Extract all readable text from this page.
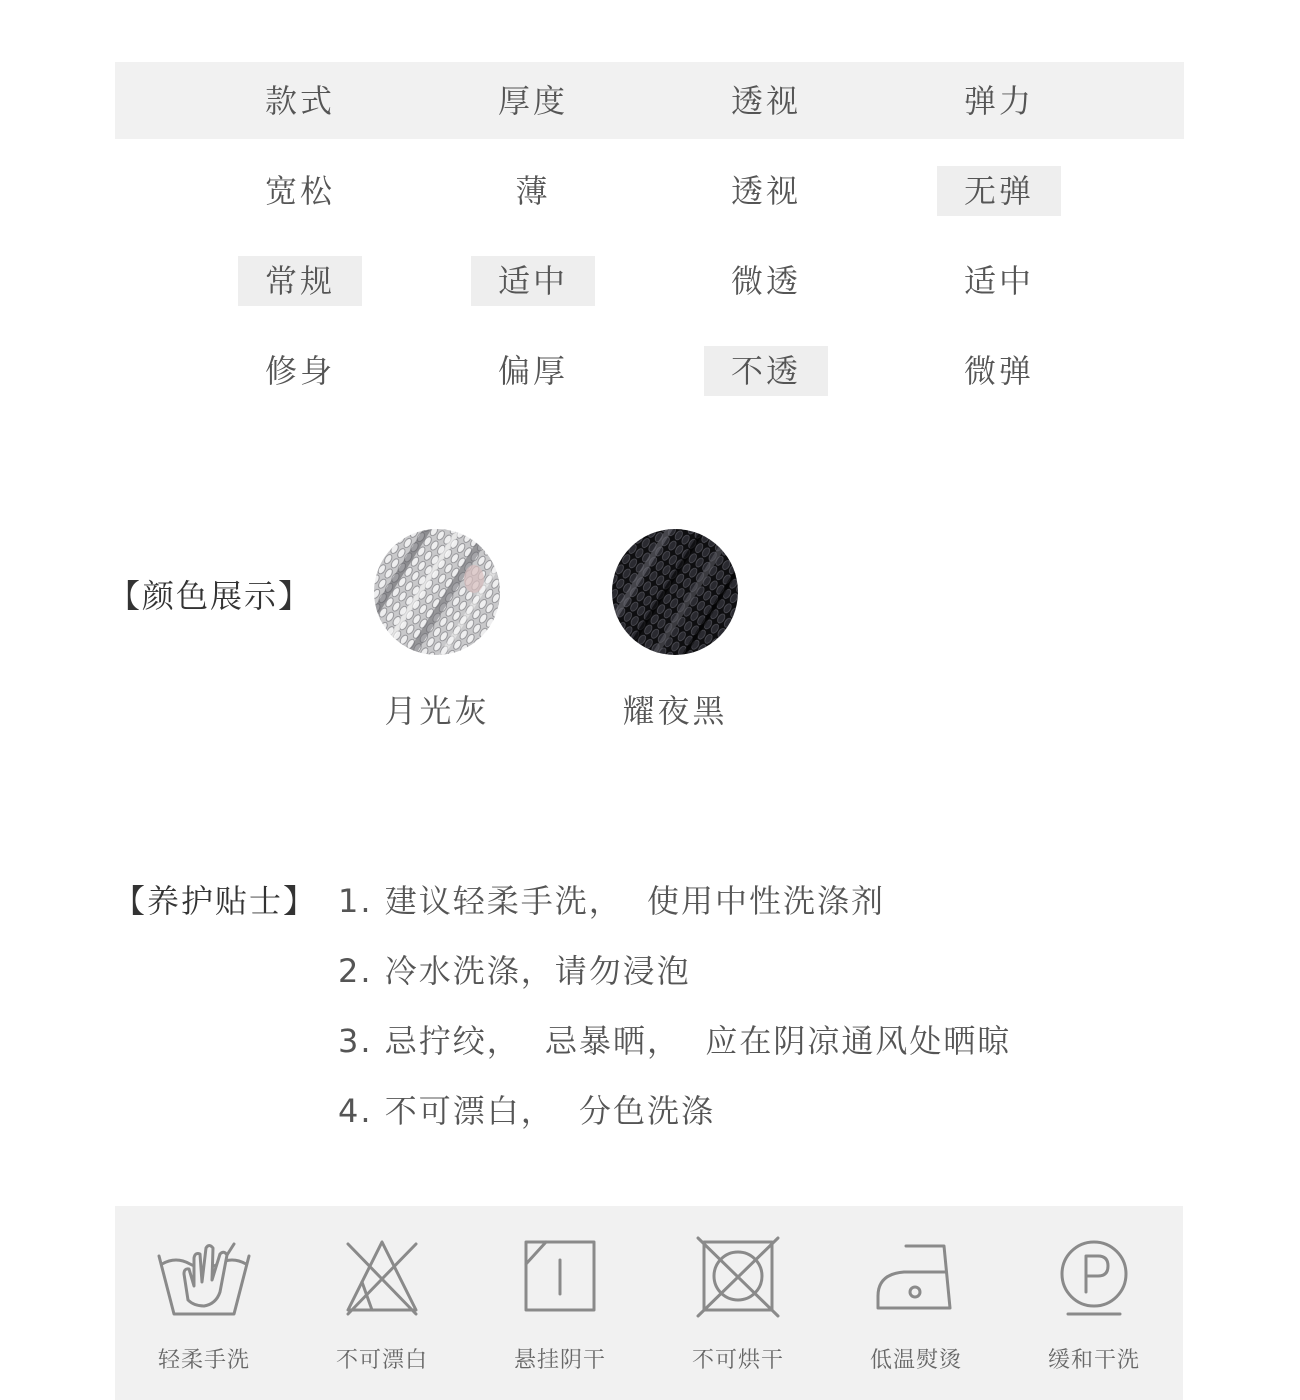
款式	厚度	透视	弹力
宽松	薄	透视	无弹
常规	适中	微透	适中
修身	偏厚	不透	微弹
【颜色展示】
月光灰	耀夜黑
【养护贴士】 1. 建议轻柔手洗，  使用中性洗涤剂
2. 冷水洗涤，请勿浸泡
3. 忌拧绞，  忌暴晒，  应在阴凉通风处晒晾
4. 不可漂白，  分色洗涤
轻柔手洗	不可漂白	悬挂阴干	不可烘干	低温熨烫	缓和干洗
